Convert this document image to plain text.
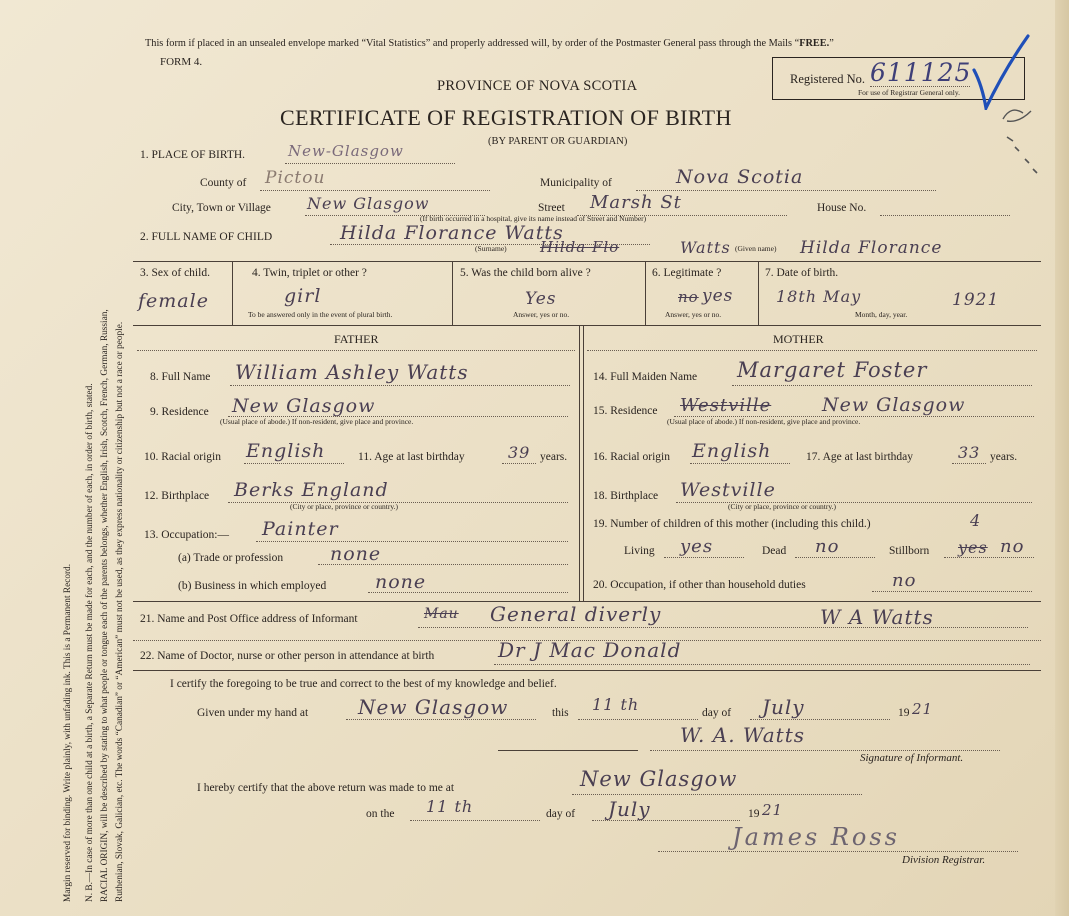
Margin reserved for binding. Write plainly, with unfading ink. This is a Permanent Record. N. B.—In case of more than one child at a birth, a Separate Return must be made for each, and the number of each, in order of birth, stated. RACIAL ORIGIN, will be described by stating to what people or tongue each of the parents belongs, whether English, Irish, Scotch, French, German, Russian, Ruthenian, Slovak, Galician, etc. The words “Canadian” or “American” must not be used, as they express nationality or citizenship but not a race or people.
This form if placed in an unsealed envelope marked “Vital Statistics” and properly addressed will, by order of the Postmaster General pass through the Mails “FREE.”
FORM 4.
PROVINCE OF NOVA SCOTIA
CERTIFICATE OF REGISTRATION OF BIRTH
(BY PARENT OR GUARDIAN)
Registered No. 611125
For use of Registrar General only.
1. PLACE OF BIRTH.	New-Glasgow
County of Pictou	Municipality of	Nova Scotia
City, Town or Village New Glasgow	Street Marsh St	House No.
(If birth occurred in a hospital, give its name instead of Street and Number)
2. FULL NAME OF CHILD	Hilda Florance Watts
(Surname) Hilda Flo	Watts (Given name) Hilda Florance
3. Sex of child.
female
4. Twin, triplet or other ?
girl
To be answered only in the event of plural birth.
5. Was the child born alive ?
Yes
Answer, yes or no.
6. Legitimate ?
no yes
Answer, yes or no.
7. Date of birth.
18th May	1921
Month, day, year.
FATHER	MOTHER
8. Full Name William Ashley Watts
9. Residence New Glasgow
(Usual place of abode.) If non-resident, give place and province.
10. Racial origin English	11. Age at last birthday	39 years.
12. Birthplace Berks England
(City or place, province or country.)
13. Occupation:— Painter
(a) Trade or profession none
(b) Business in which employed	none
14. Full Maiden Name Margaret Foster
15. Residence Westville	New Glasgow
(Usual place of abode.) If non-resident, give place and province.
16. Racial origin English	17. Age at last birthday	33 years.
18. Birthplace Westville
(City or place, province or country.)
19. Number of children of this mother (including this child.)	4
Living yes	Dead no	Stillborn yes no
20. Occupation, if other than household duties	no
21. Name and Post Office address of Informant	Mau General diverly	W A Watts
22. Name of Doctor, nurse or other person in attendance at birth	Dr J Mac Donald
I certify the foregoing to be true and correct to the best of my knowledge and belief.
Given under my hand at New Glasgow	this 11 th	day of July	19 21
W. A. Watts
Signature of Informant.
I hereby certify that the above return was made to me at	New Glasgow
on the 11 th	day of July	19 21
James Ross
Division Registrar.
